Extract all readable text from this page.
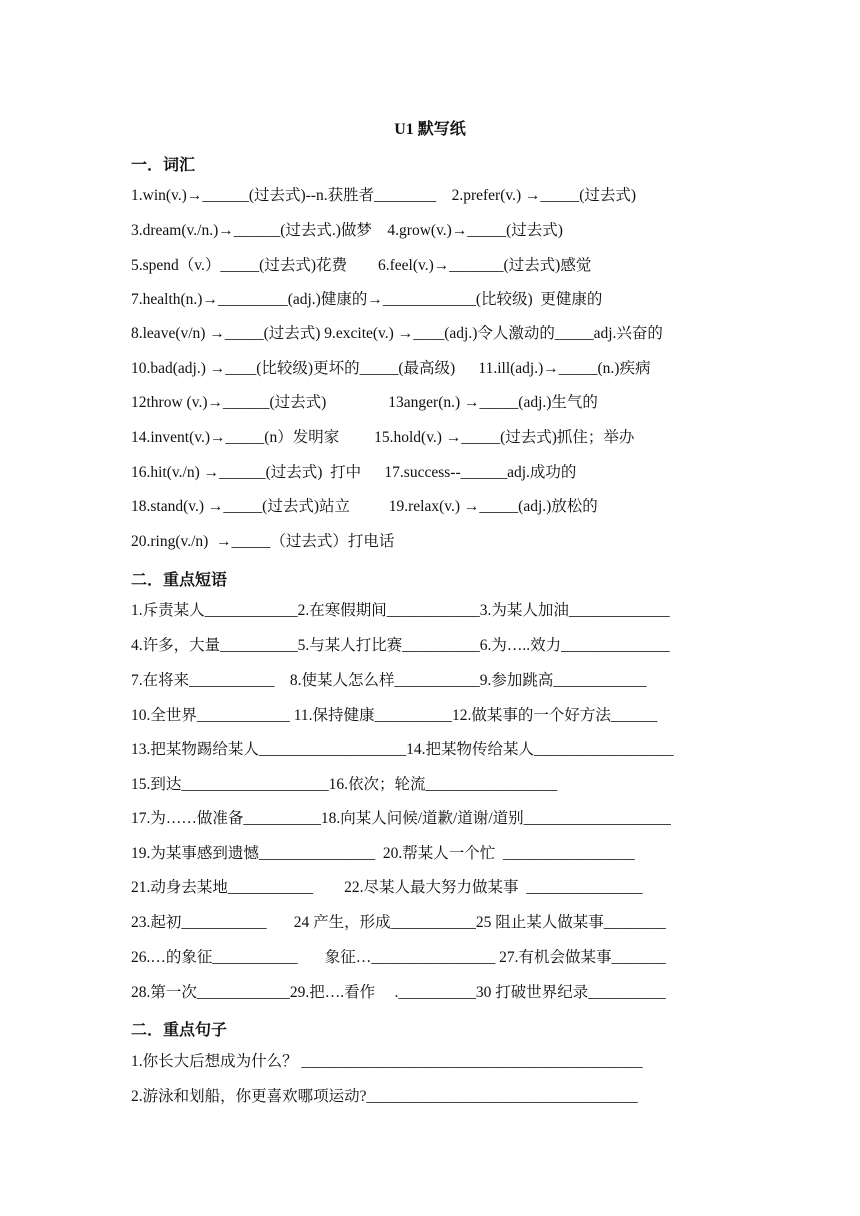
U1 默写纸
一．词汇
1.win(v.)→______(过去式)--n.获胜者________    2.prefer(v.) →_____(过去式)
3.dream(v./n.)→______(过去式.)做梦    4.grow(v.)→_____(过去式)
5.spend（v.）_____(过去式)花费        6.feel(v.)→_______(过去式)感觉
7.health(n.)→_________(adj.)健康的→____________(比较级)  更健康的
8.leave(v/n) →_____(过去式) 9.excite(v.) →____(adj.)令人激动的_____adj.兴奋的
10.bad(adj.) →____(比较级)更坏的_____(最高级)      11.ill(adj.)→_____(n.)疾病
12throw (v.)→______(过去式)                13anger(n.) →_____(adj.)生气的
14.invent(v.)→_____(n）发明家         15.hold(v.) →_____(过去式)抓住；举办
16.hit(v./n) →______(过去式)  打中      17.success--______adj.成功的
18.stand(v.) →_____(过去式)站立          19.relax(v.) →_____(adj.)放松的
20.ring(v./n)  →_____（过去式）打电话
二．重点短语
1.斥责某人____________2.在寒假期间____________3.为某人加油_____________
4.许多，大量__________5.与某人打比赛__________6.为…..效力______________
7.在将来___________    8.使某人怎么样___________9.参加跳高____________
10.全世界____________ 11.保持健康__________12.做某事的一个好方法______
13.把某物踢给某人___________________14.把某物传给某人__________________
15.到达___________________16.依次；轮流_________________
17.为……做准备__________18.向某人问候/道歉/道谢/道别___________________
19.为某事感到遗憾_______________  20.帮某人一个忙  _________________
21.动身去某地___________        22.尽某人最大努力做某事  _______________
23.起初___________       24 产生，形成___________25 阻止某人做某事________
26.…的象征___________       象征…________________ 27.有机会做某事_______
28.第一次____________29.把….看作     .__________30 打破世界纪录__________
二．重点句子
1.你长大后想成为什么？ ____________________________________________
2.游泳和划船，你更喜欢哪项运动?___________________________________
